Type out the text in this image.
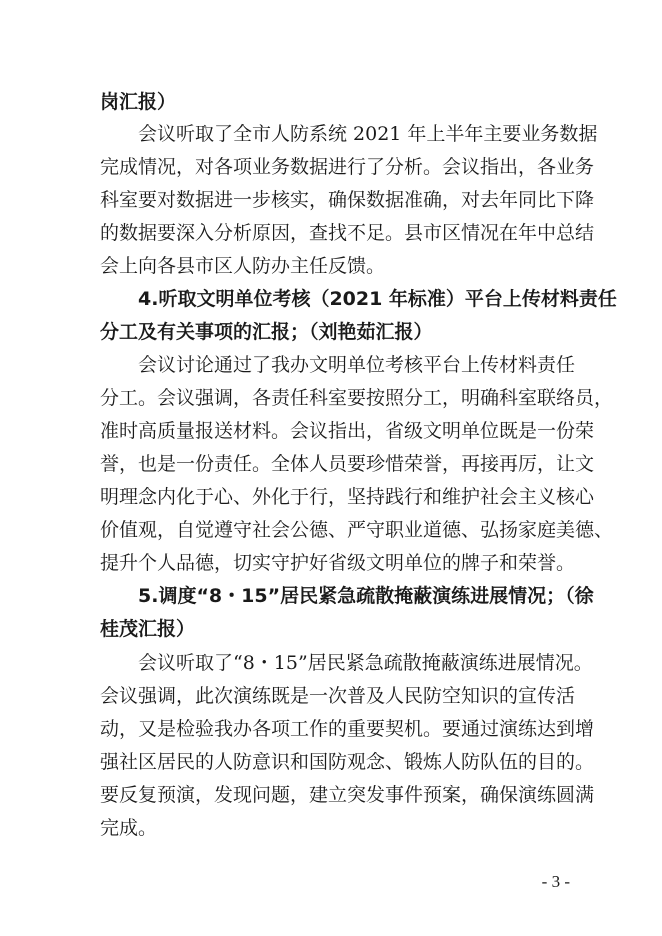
岗汇报）
会议听取了全市人防系统 2021 年上半年主要业务数据
完成情况，对各项业务数据进行了分析。会议指出，各业务
科室要对数据进一步核实，确保数据准确，对去年同比下降
的数据要深入分析原因，查找不足。县市区情况在年中总结
会上向各县市区人防办主任反馈。
4.听取文明单位考核（2021 年标准）平台上传材料责任
分工及有关事项的汇报；（刘艳茹汇报）
会议讨论通过了我办文明单位考核平台上传材料责任
分工。会议强调，各责任科室要按照分工，明确科室联络员，
准时高质量报送材料。会议指出，省级文明单位既是一份荣
誉，也是一份责任。全体人员要珍惜荣誉，再接再厉，让文
明理念内化于心、外化于行，坚持践行和维护社会主义核心
价值观，自觉遵守社会公德、严守职业道德、弘扬家庭美德、
提升个人品德，切实守护好省级文明单位的牌子和荣誉。
5.调度“8・15”居民紧急疏散掩蔽演练进展情况；（徐
桂茂汇报）
会议听取了“8・15”居民紧急疏散掩蔽演练进展情况。
会议强调，此次演练既是一次普及人民防空知识的宣传活
动，又是检验我办各项工作的重要契机。要通过演练达到增
强社区居民的人防意识和国防观念、锻炼人防队伍的目的。
要反复预演，发现问题，建立突发事件预案，确保演练圆满
完成。
- 3 -
